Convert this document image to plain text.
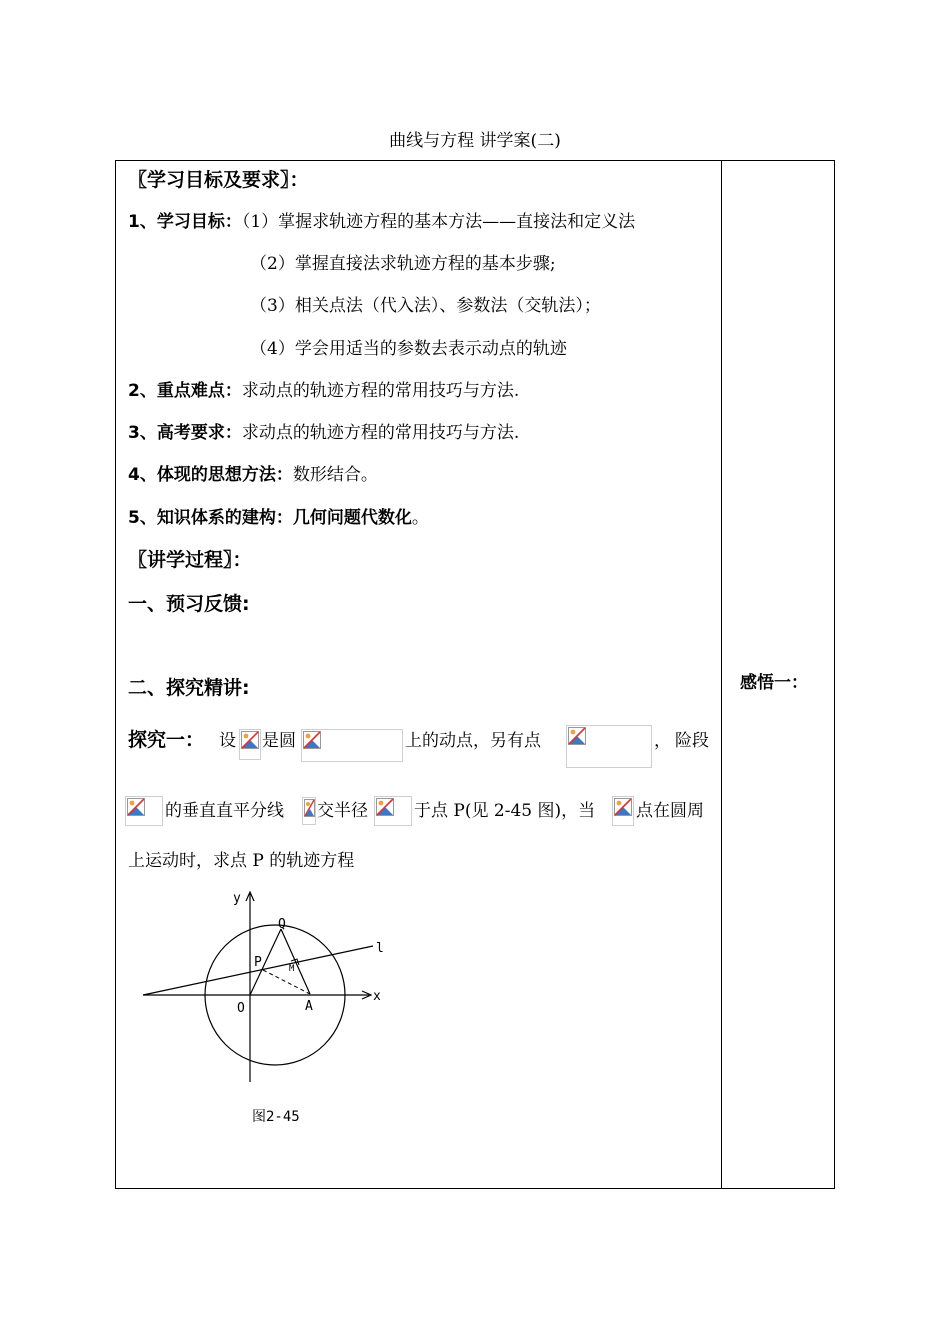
曲线与方程 讲学案(二)
〖学习目标及要求〗：
1、学习目标：（1）掌握求轨迹方程的基本方法——直接法和定义法
（2）掌握直接法求轨迹方程的基本步骤;
（3）相关点法（代入法）、参数法（交轨法）；
（4）学会用适当的参数去表示动点的轨迹
2、重点难点：求动点的轨迹方程的常用技巧与方法.
3、高考要求：求动点的轨迹方程的常用技巧与方法.
4、体现的思想方法：数形结合。
5、知识体系的建构：几何问题代数化。
〖讲学过程〗：
一、预习反馈:
二、探究精讲:
探究一： 设 是圆	上的动点，另有点	， 险段
的垂直直平分线 交半径	于点 P(见 2-45 图)，当 点在圆周
上运动时，求点 P 的轨迹方程
y
x
O
Q
P
A
l
M
图2-45
感悟一：
